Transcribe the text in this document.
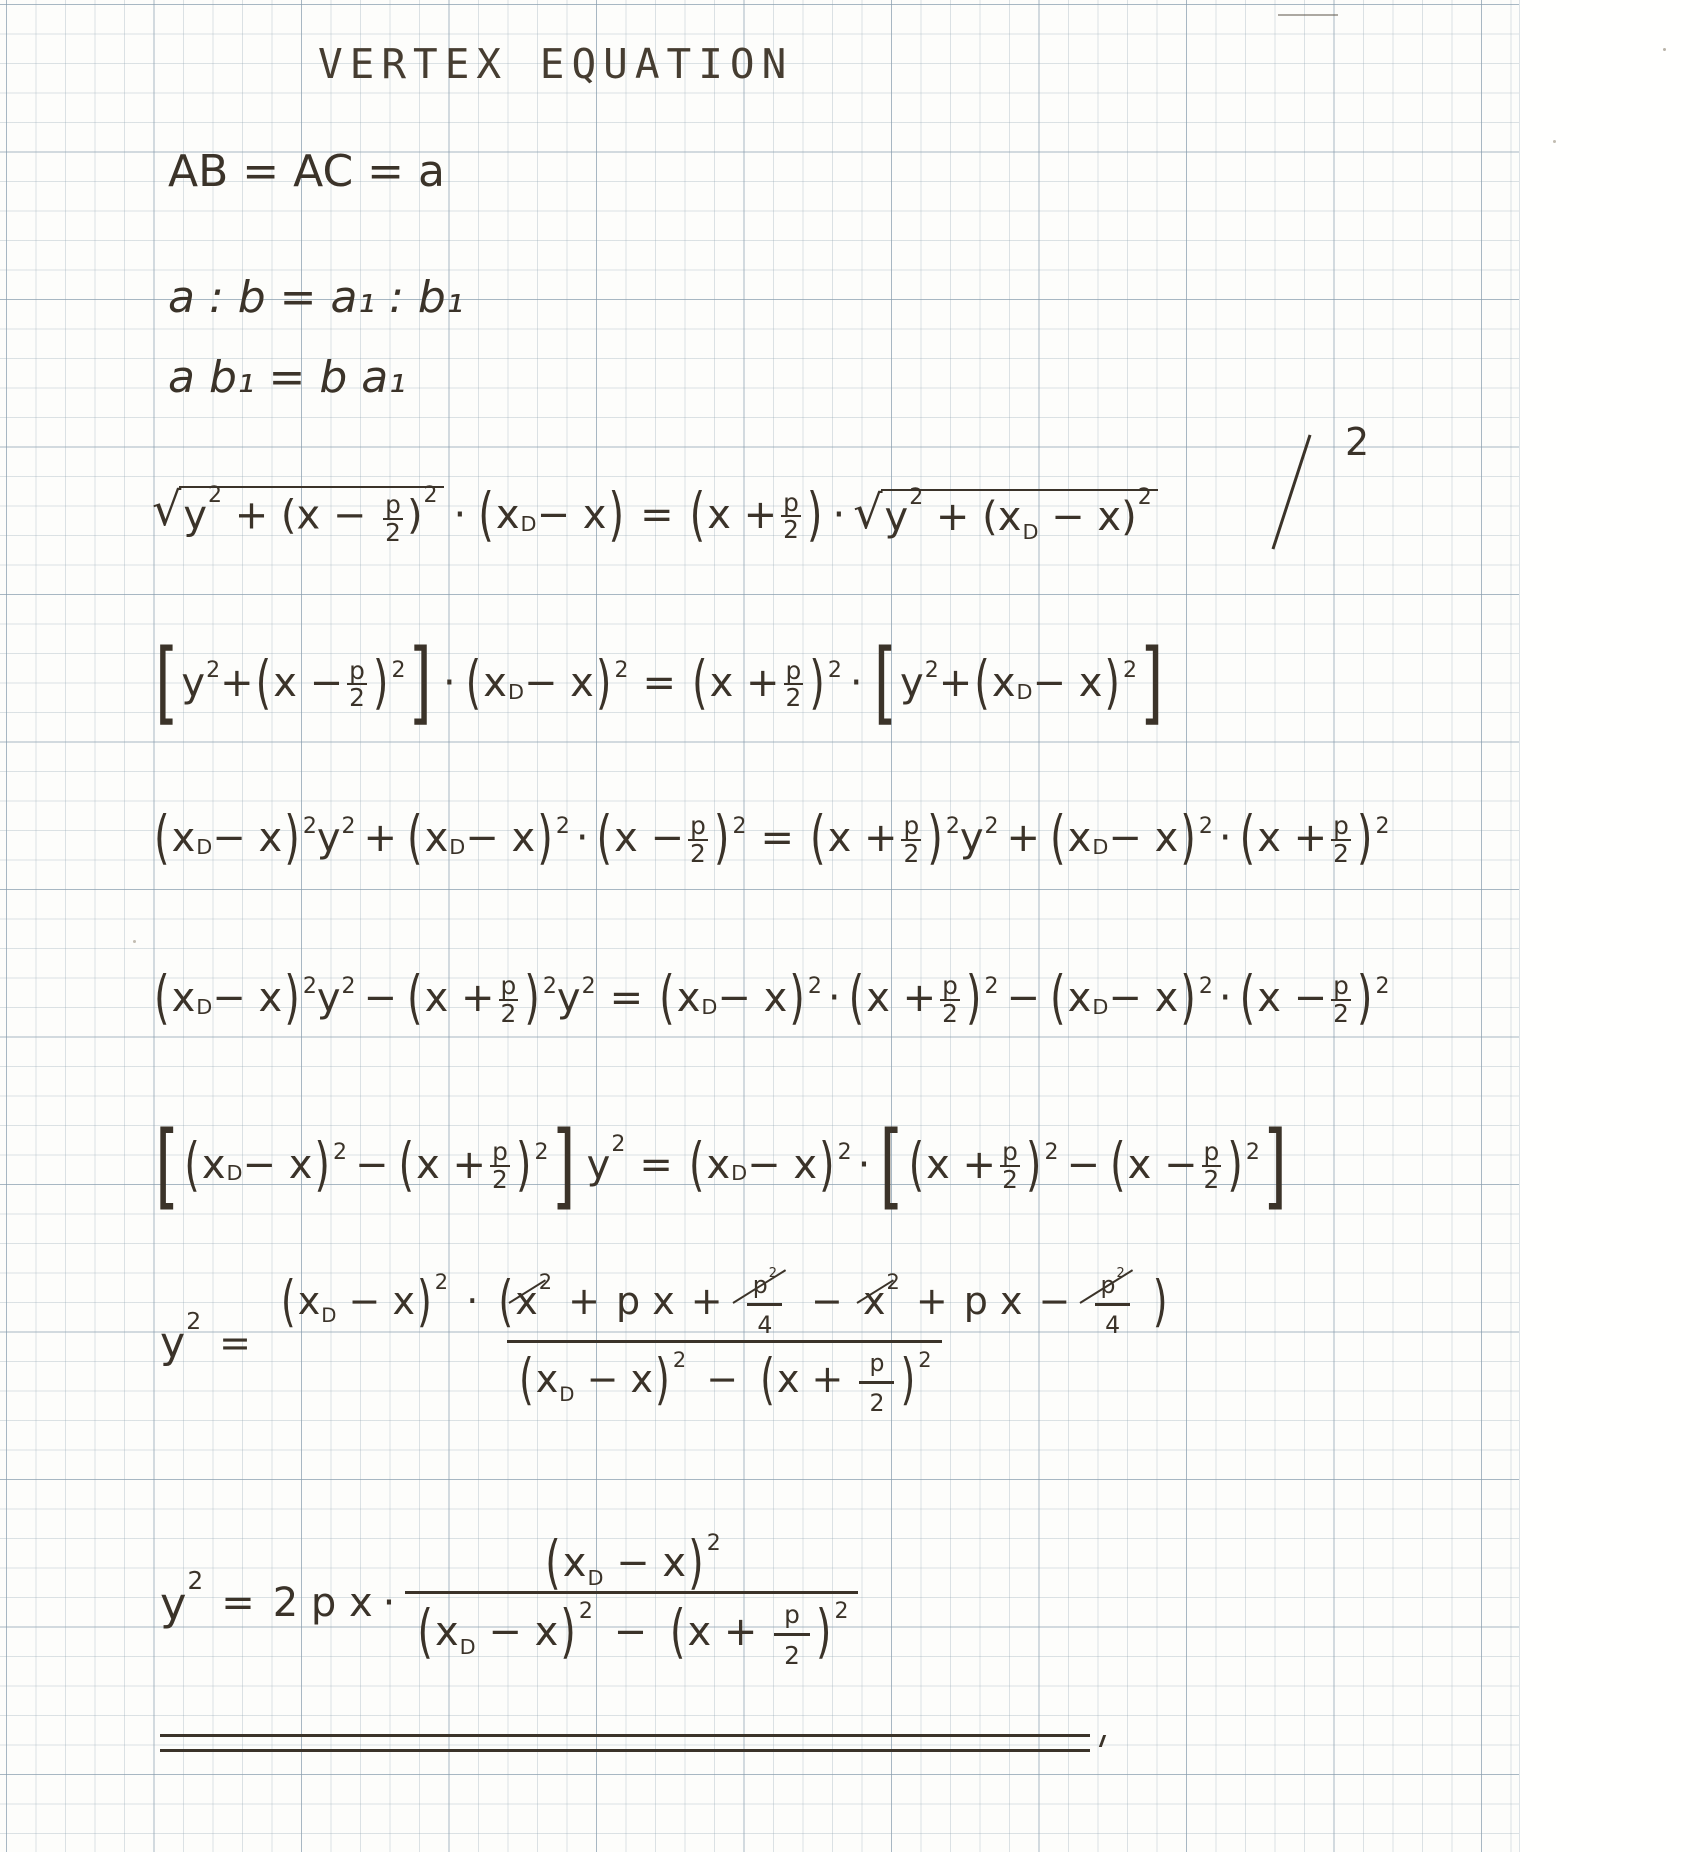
VERTEX EQUATION
AB = AC = a
a : b = a₁ : b₁
a b₁ = b a₁
√ $y^2 + (x - \frac{p}{2} )^2$ · ( x D − x ) = ( $x + \frac{p}{2}$ ) · √ $y^2 + (x_D - x)^2$
2
[ y 2 + ( $x - \frac{p}{2}$ ) 2 ] · ( x D − x ) 2 = ( $x + \frac{p}{2}$ ) 2 · [ y 2 + ( x D − x ) 2 ]
( x D − x ) 2 y 2 + ( x D − x ) 2 · ( $x - \frac{p}{2}$ ) 2 = ( $x + \frac{p}{2}$ ) 2 y 2 + ( x D − x ) 2 · ( $x + \frac{p}{2}$ ) 2
( x D − x ) 2 y 2 − ( $x + \frac{p}{2}$ ) 2 y 2 = ( x D − x ) 2 · ( $x + \frac{p}{2}$ ) 2 − ( x D − x ) 2 · ( $x - \frac{p}{2}$ ) 2
[ ( x D − x ) 2 − ( $x + \frac{p}{2}$ ) 2 ] $y^2$ = ( x D − x ) 2 · [ ( $x + \frac{p}{2}$ ) 2 − ( $x - \frac{p}{2}$ ) 2 ]
$y^2$
=
$(x_D - x) ^2 \cdot (x^2 + p$ $x + \frac{p^2}{4} - x^2 + p$ $x - \frac{p^2}{4}$ )
$(x_D - x) ^2 - (x + \frac{p}{2}$ ) $^2$
$y^2 = 2$ p $x \cdot \frac{(x_D - x) ^2}{(x_D - x) ^2 - (x + \frac{p}{2} ) ^2}$
